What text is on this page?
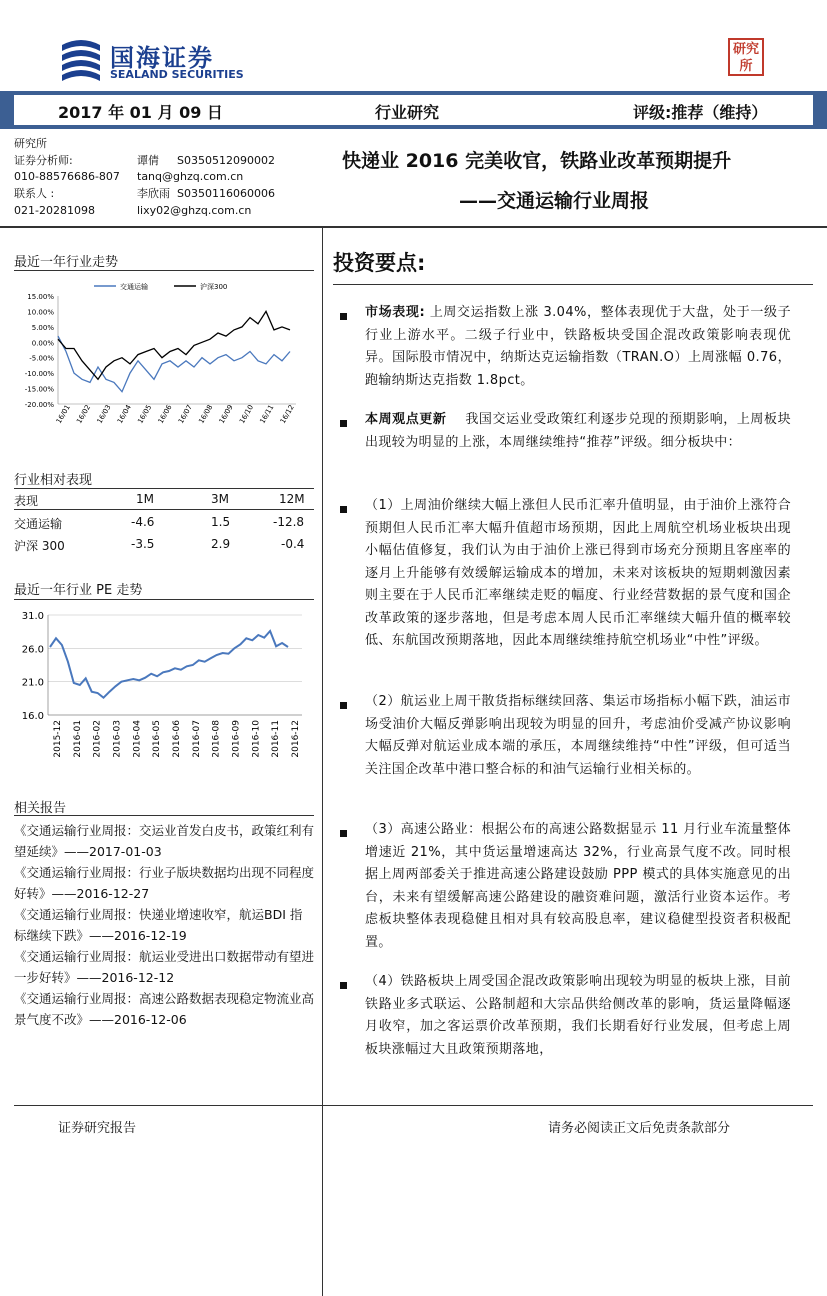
国海证券
SEALAND SECURITIES
研究所
2017 年 01 月 09 日	行业研究	评级:推荐（维持）
研究所
证券分析师:	谭倩 S0350512090002
010-88576686-807 tanq@ghzq.com.cn
联系人 :	李欣雨 S0350116060006
021-20281098	lixy02@ghzq.com.cn
快递业 2016 完美收官，铁路业改革预期提升
——交通运输行业周报
最近一年行业走势
交通运输	沪深300
15.00%
10.00%
5.00%
0.00%
-5.00%
-10.00%
-15.00%
-20.00% 16/01 16/02 16/03 16/04 16/05 16/06 16/07 16/08 16/09 16/10 16/11 16/12
行业相对表现
表现	1M	3M	12M
交通运输	-4.6	1.5	-12.8
沪深 300	-3.5	2.9	-0.4
最近一年行业 PE 走势
31.0
26.0
21.0
16.0
2015-12 2016-01 2016-02 2016-03 2016-04 2016-05 2016-06 2016-07 2016-08 2016-09 2016-10 2016-11 2016-12
相关报告
《交通运输行业周报：交运业首发白皮书，政策红利有望延续》——2017-01-03
《交通运输行业周报：行业子版块数据均出现不同程度好转》——2016-12-27
《交通运输行业周报：快递业增速收窄，航运BDI 指标继续下跌》——2016-12-19
《交通运输行业周报：航运业受进出口数据带动有望进一步好转》——2016-12-12
《交通运输行业周报：高速公路数据表现稳定物流业高景气度不改》——2016-12-06
投资要点:
市场表现: 上周交运指数上涨 3.04%，整体表现优于大盘，处于一级子行业上游水平。二级子行业中，铁路板块受国企混改政策影响表现优异。国际股市情况中，纳斯达克运输指数（TRAN.O）上周涨幅 0.76，跑输纳斯达克指数 1.8pct。
本周观点更新 我国交运业受政策红利逐步兑现的预期影响，上周板块出现较为明显的上涨，本周继续维持“推荐”评级。细分板块中：
（1）上周油价继续大幅上涨但人民币汇率升值明显，由于油价上涨符合预期但人民币汇率大幅升值超市场预期，因此上周航空机场业板块出现小幅估值修复，我们认为由于油价上涨已得到市场充分预期且客座率的逐月上升能够有效缓解运输成本的增加，未来对该板块的短期刺激因素则主要在于人民币汇率继续走贬的幅度、行业经营数据的景气度和国企改革政策的逐步落地，但是考虑本周人民币汇率继续大幅升值的概率较低、东航国改预期落地，因此本周继续维持航空机场业“中性”评级。
（2）航运业上周干散货指标继续回落、集运市场指标小幅下跌，油运市场受油价大幅反弹影响出现较为明显的回升，考虑油价受减产协议影响大幅反弹对航运业成本端的承压，本周继续维持“中性”评级，但可适当关注国企改革中港口整合标的和油气运输行业相关标的。
（3）高速公路业：根据公布的高速公路数据显示 11 月行业车流量整体增速近 21%，其中货运量增速高达 32%，行业高景气度不改。同时根据上周两部委关于推进高速公路建设鼓励 PPP 模式的具体实施意见的出台，未来有望缓解高速公路建设的融资难问题，激活行业资本运作。考虑板块整体表现稳健且相对具有较高股息率，建议稳健型投资者积极配置。
（4）铁路板块上周受国企混改政策影响出现较为明显的板块上涨，目前铁路业多式联运、公路制超和大宗品供给侧改革的影响，货运量降幅逐月收窄，加之客运票价改革预期，我们长期看好行业发展，但考虑上周板块涨幅过大且政策预期落地，
证券研究报告	请务必阅读正文后免责条款部分
